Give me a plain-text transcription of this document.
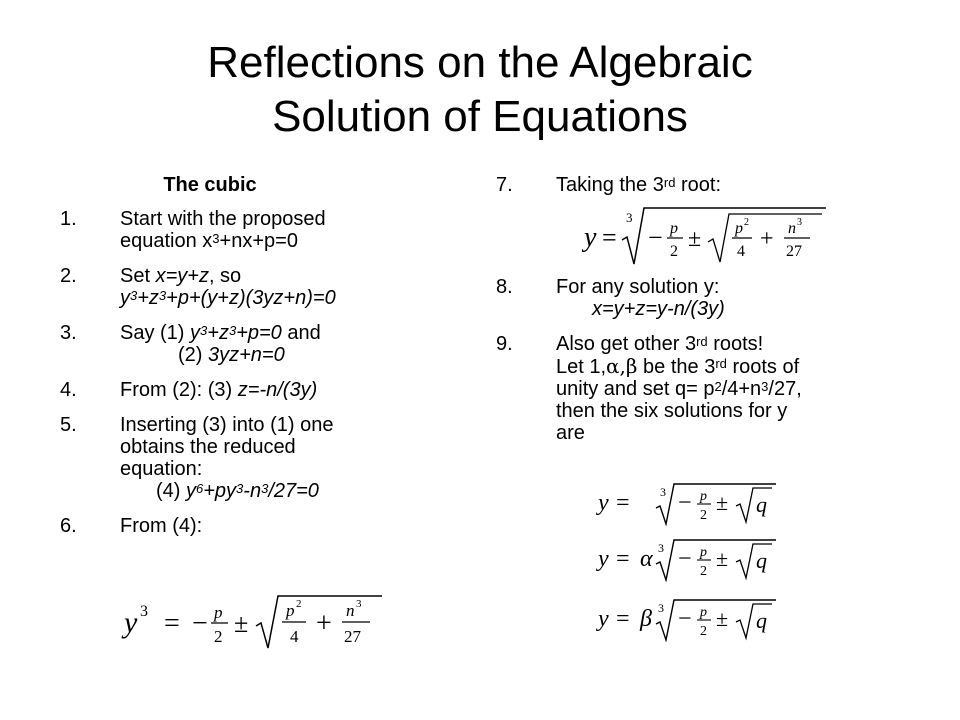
Reflections on the Algebraic
Solution of Equations
The cubic
1. Start with the proposed
equation $x^3+nx+p=0$
2. Set x=y+z, so
$y^3+z^3+p+(y+z)(3yz+n)=0$
3. Say (1) $y^3+z^3+p=0$ and

(2) 3yz+n=0
4. From (2): (3) z=-n/(3y)
5. Inserting (3) into (1) one
obtains the reduced
equation:

(4) $y^6+py^3-n^3/27=0$
6. From (4):
y 3 = − p
2 ± p 2
4 + n 3
27
7. Taking the 3rd root:
8. For any solution y:

x=y+z=y-n/(3y)
9. Also get other 3rd roots!
Let 1,α,β be the 3rd roots of
unity and set $q= p^2/4+n^3/27$,
then the six solutions for y
are
y =
3
− p
2 ± p 2
4 + n 3
27
y =	3 − p
2
± q
y = α 3 − p
2
± q
y = β 3 − p
2
± q
